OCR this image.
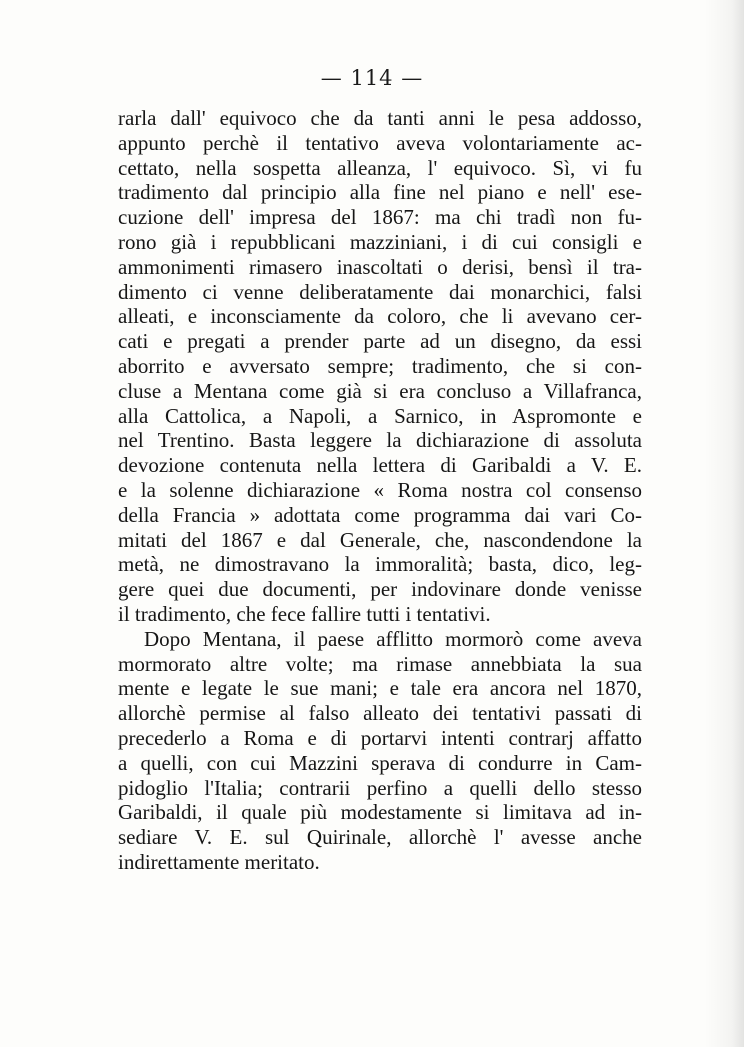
— 114 —
rarla dall' equivoco che da tanti anni le pesa addosso,
appunto perchè il tentativo aveva volontariamente ac-
cettato, nella sospetta alleanza, l' equivoco. Sì, vi fu
tradimento dal principio alla fine nel piano e nell' ese-
cuzione dell' impresa del 1867: ma chi tradì non fu-
rono già i repubblicani mazziniani, i di cui consigli e
ammonimenti rimasero inascoltati o derisi, bensì il tra-
dimento ci venne deliberatamente dai monarchici, falsi
alleati, e inconsciamente da coloro, che li avevano cer-
cati e pregati a prender parte ad un disegno, da essi
aborrito e avversato sempre; tradimento, che si con-
cluse a Mentana come già si era concluso a Villafranca,
alla Cattolica, a Napoli, a Sarnico, in Aspromonte e
nel Trentino. Basta leggere la dichiarazione di assoluta
devozione contenuta nella lettera di Garibaldi a V. E.
e la solenne dichiarazione « Roma nostra col consenso
della Francia » adottata come programma dai vari Co-
mitati del 1867 e dal Generale, che, nascondendone la
metà, ne dimostravano la immoralità; basta, dico, leg-
gere quei due documenti, per indovinare donde venisse
il tradimento, che fece fallire tutti i tentativi.
Dopo Mentana, il paese afflitto mormorò come aveva
mormorato altre volte; ma rimase annebbiata la sua
mente e legate le sue mani; e tale era ancora nel 1870,
allorchè permise al falso alleato dei tentativi passati di
precederlo a Roma e di portarvi intenti contrarj affatto
a quelli, con cui Mazzini sperava di condurre in Cam-
pidoglio l'Italia; contrarii perfino a quelli dello stesso
Garibaldi, il quale più modestamente si limitava ad in-
sediare V. E. sul Quirinale, allorchè l' avesse anche
indirettamente meritato.
